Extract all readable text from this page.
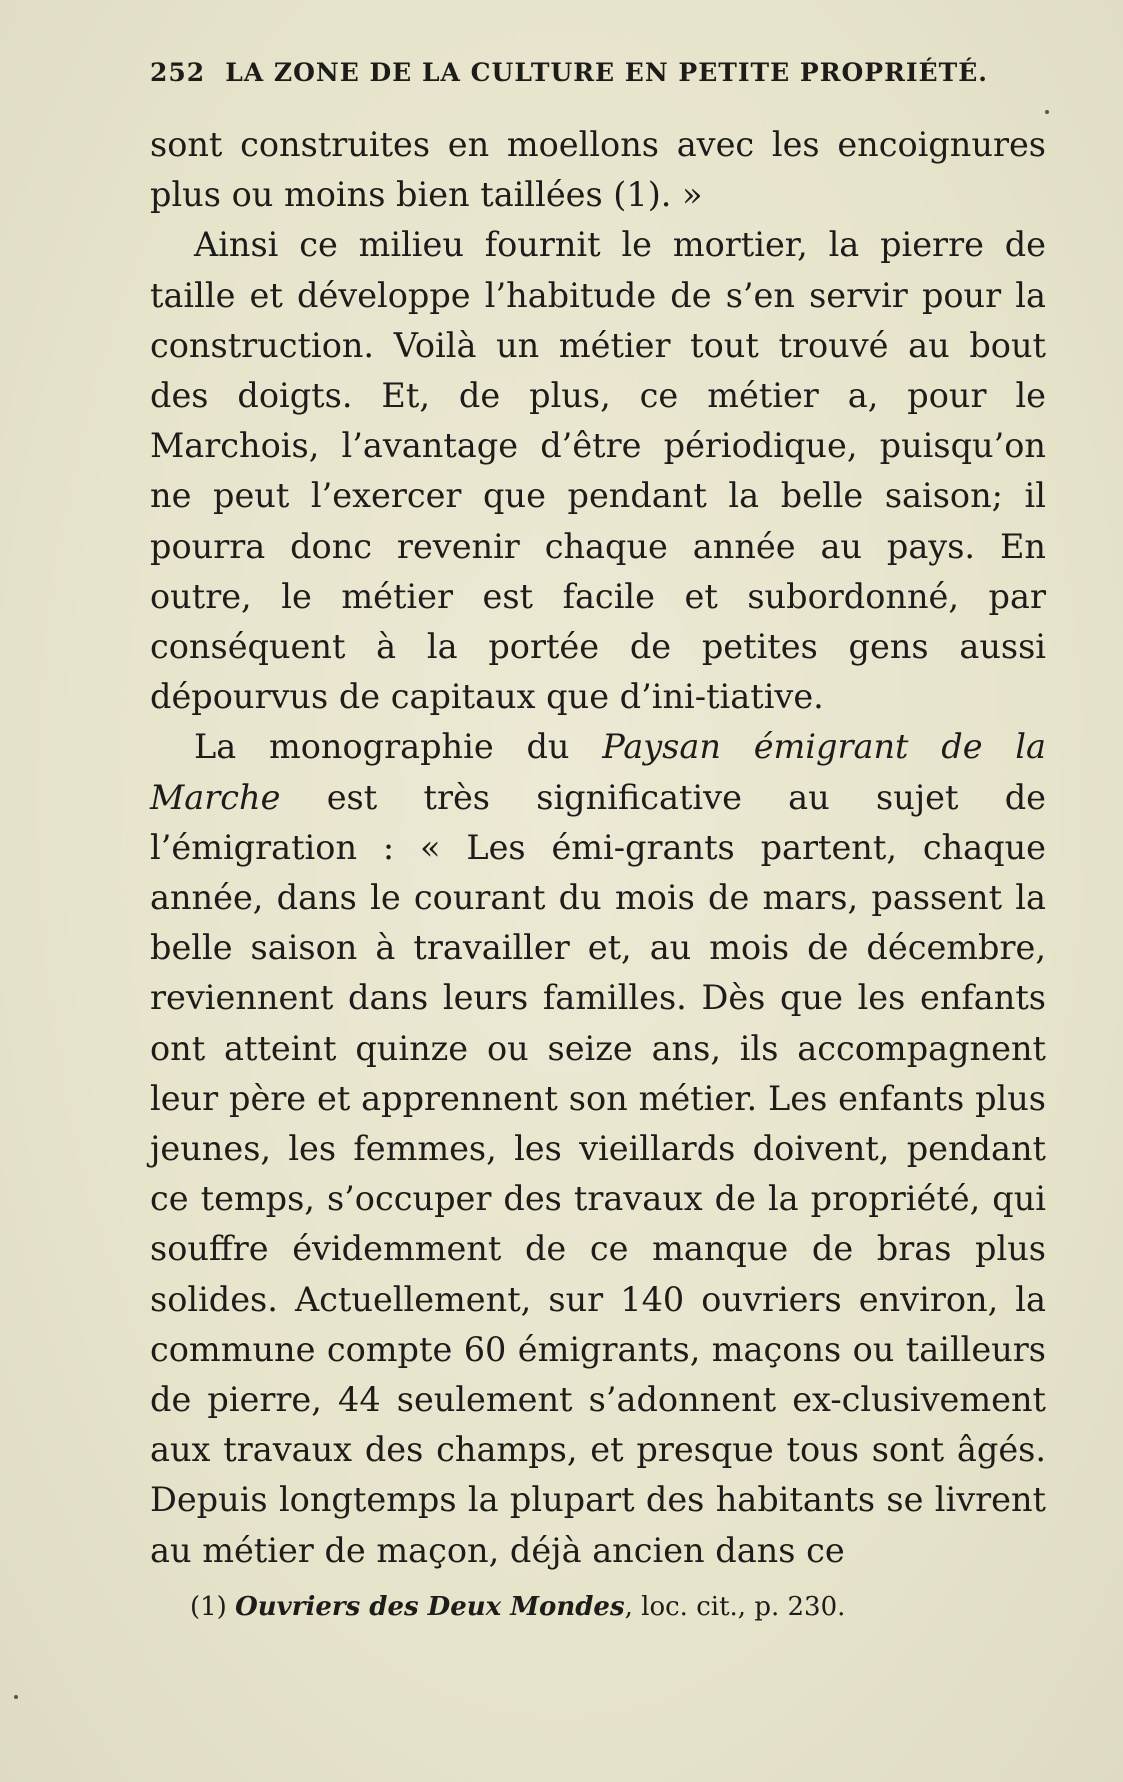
252 LA ZONE DE LA CULTURE EN PETITE PROPRIÉTÉ.

sont construites en moellons avec les encoignures plus ou moins bien taillées (1). »

Ainsi ce milieu fournit le mortier, la pierre de taille et développe l’habitude de s’en servir pour la construction. Voilà un métier tout trouvé au bout des doigts. Et, de plus, ce métier a, pour le Marchois, l’avantage d’être périodique, puisqu’on ne peut l’exercer que pendant la belle saison; il pourra donc revenir chaque année au pays. En outre, le métier est facile et subordonné, par conséquent à la portée de petites gens aussi dépourvus de capitaux que d’ini-tiative.

La monographie du Paysan émigrant de la Marche est très significative au sujet de l’émigration : « Les émi-grants partent, chaque année, dans le courant du mois de mars, passent la belle saison à travailler et, au mois de décembre, reviennent dans leurs familles. Dès que les enfants ont atteint quinze ou seize ans, ils accompagnent leur père et apprennent son métier. Les enfants plus jeunes, les femmes, les vieillards doivent, pendant ce temps, s’occuper des travaux de la propriété, qui souffre évidemment de ce manque de bras plus solides. Actuellement, sur 140 ouvriers environ, la commune compte 60 émigrants, maçons ou tailleurs de pierre, 44 seulement s’adonnent ex-clusivement aux travaux des champs, et presque tous sont âgés. Depuis longtemps la plupart des habitants se livrent au métier de maçon, déjà ancien dans ce

(1) Ouvriers des Deux Mondes, loc. cit., p. 230.
